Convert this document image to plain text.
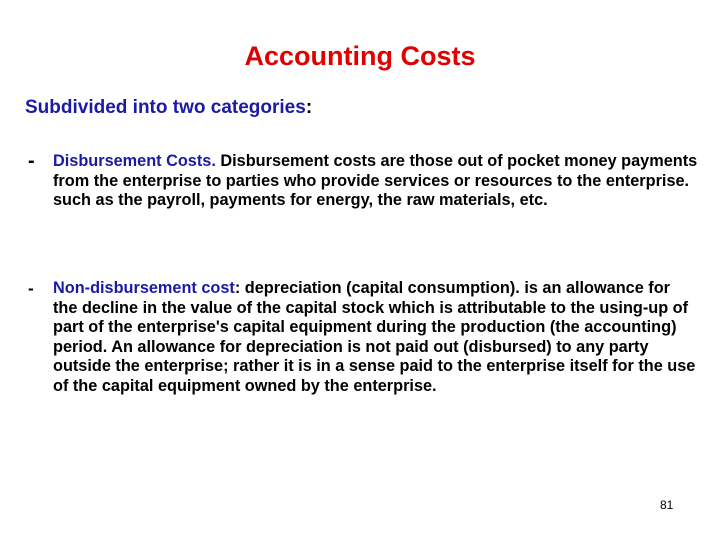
Accounting Costs
Subdivided into two categories:
-	Disbursement Costs. Disbursement costs are those out of pocket money payments from the enterprise to parties who provide services or resources to the enterprise. such as the payroll, payments for energy, the raw materials, etc.
-	Non-disbursement cost: depreciation (capital consumption). is an allowance for the decline in the value of the capital stock which is attributable to the using-up of part of the enterprise's capital equipment during the production (the accounting) period. An allowance for depreciation is not paid out (disbursed) to any party outside the enterprise; rather it is in a sense paid to the enterprise itself for the use of the capital equipment owned by the enterprise.
81
